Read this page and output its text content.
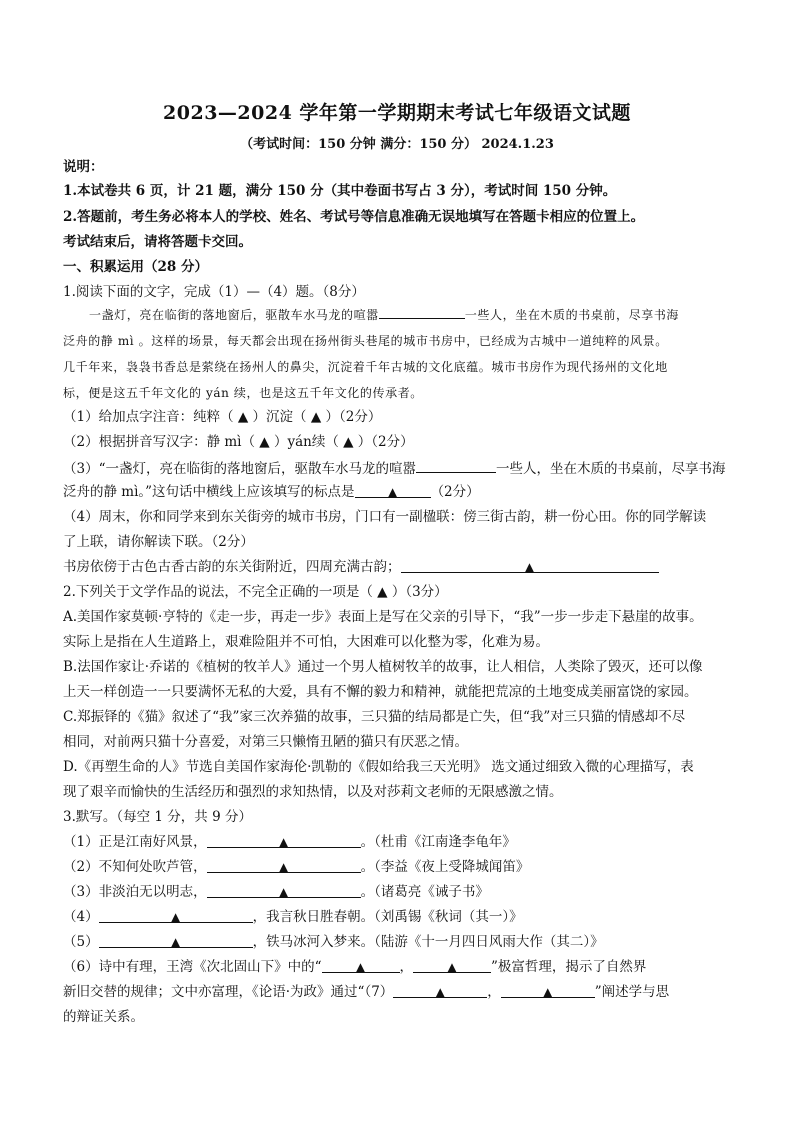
2023—2024 学年第一学期期末考试七年级语文试题
（考试时间：150 分钟 满分：150 分） 2024.1.23
说明：
1.本试卷共 6 页，计 21 题，满分 150 分（其中卷面书写占 3 分），考试时间 150 分钟。
2.答题前，考生务必将本人的学校、姓名、考试号等信息准确无误地填写在答题卡相应的位置上。
考试结束后，请将答题卡交回。
一、积累运用（28 分）
1.阅读下面的文字，完成（1）—（4）题。（8分）
一盏灯，亮在临街的落地窗后，驱散车水马龙的喧嚣	一些人，坐在木质的书桌前，尽享书海
泛舟的静 mì 。这样的场景，每天都会出现在扬州街头巷尾的城市书房中，已经成为古城中一道纯粹的风景。
几千年来，袅袅书香总是萦绕在扬州人的鼻尖，沉淀着千年古城的文化底蕴。城市书房作为现代扬州的文化地
标，便是这五千年文化的 yán 续，也是这五千年文化的传承者。
（1）给加点字注音：纯粹（ ▲ ）沉淀（ ▲ ）（2分）
（2）根据拼音写汉字：静 mì（ ▲ ）yán续（ ▲ ）（2分）
（3）“一盏灯，亮在临街的落地窗后，驱散车水马龙的喧嚣	一些人，坐在木质的书桌前，尽享书海
泛舟的静 mì。”这句话中横线上应该填写的标点是	▲ （2分）
（4）周末，你和同学来到东关街旁的城市书房，门口有一副楹联：傍三街古韵，耕一份心田。你的同学解读
了上联，请你解读下联。（2分）
书房依傍于古色古香古韵的东关街附近，四周充满古韵；	▲
2.下列关于文学作品的说法，不完全正确的一项是（ ▲ ）（3分）
A.美国作家莫顿·亨特的《走一步，再走一步》表面上是写在父亲的引导下，“我”一步一步走下悬崖的故事。
实际上是指在人生道路上，艰难险阻并不可怕，大困难可以化整为零，化难为易。
B.法国作家让·乔诺的《植树的牧羊人》通过一个男人植树牧羊的故事，让人相信，人类除了毁灭，还可以像
上天一样创造一一只要满怀无私的大爱，具有不懈的毅力和精神，就能把荒凉的土地变成美丽富饶的家园。
C.郑振铎的《猫》叙述了“我”家三次养猫的故事，三只猫的结局都是亡失，但“我”对三只猫的情感却不尽
相同，对前两只猫十分喜爱，对第三只懒惰丑陋的猫只有厌恶之情。
D.《再塑生命的人》节选自美国作家海伦·凯勒的《假如给我三天光明》 选文通过细致入微的心理描写，表
现了艰辛而愉快的生活经历和强烈的求知热情，以及对莎莉文老师的无限感激之情。
3.默写。（每空 1 分，共 9 分）
（1）正是江南好风景，	▲	。（杜甫《江南逢李龟年》
（2）不知何处吹芦管，	▲	。（李益《夜上受降城闻笛》
（3）非淡泊无以明志，	▲	。（诸葛亮《诫子书》
（4）	▲	，我言秋日胜春朝。（刘禹锡《秋词（其一）》
（5）	▲	，铁马冰河入梦来。（陆游《十一月四日风雨大作（其二）》
（6）诗中有理，王湾《次北固山下》中的“	▲	，	▲	”极富哲理，揭示了自然界
新旧交替的规律；文中亦富理，《论语·为政》通过“（7）	▲	，	▲	”阐述学与思
的辩证关系。
